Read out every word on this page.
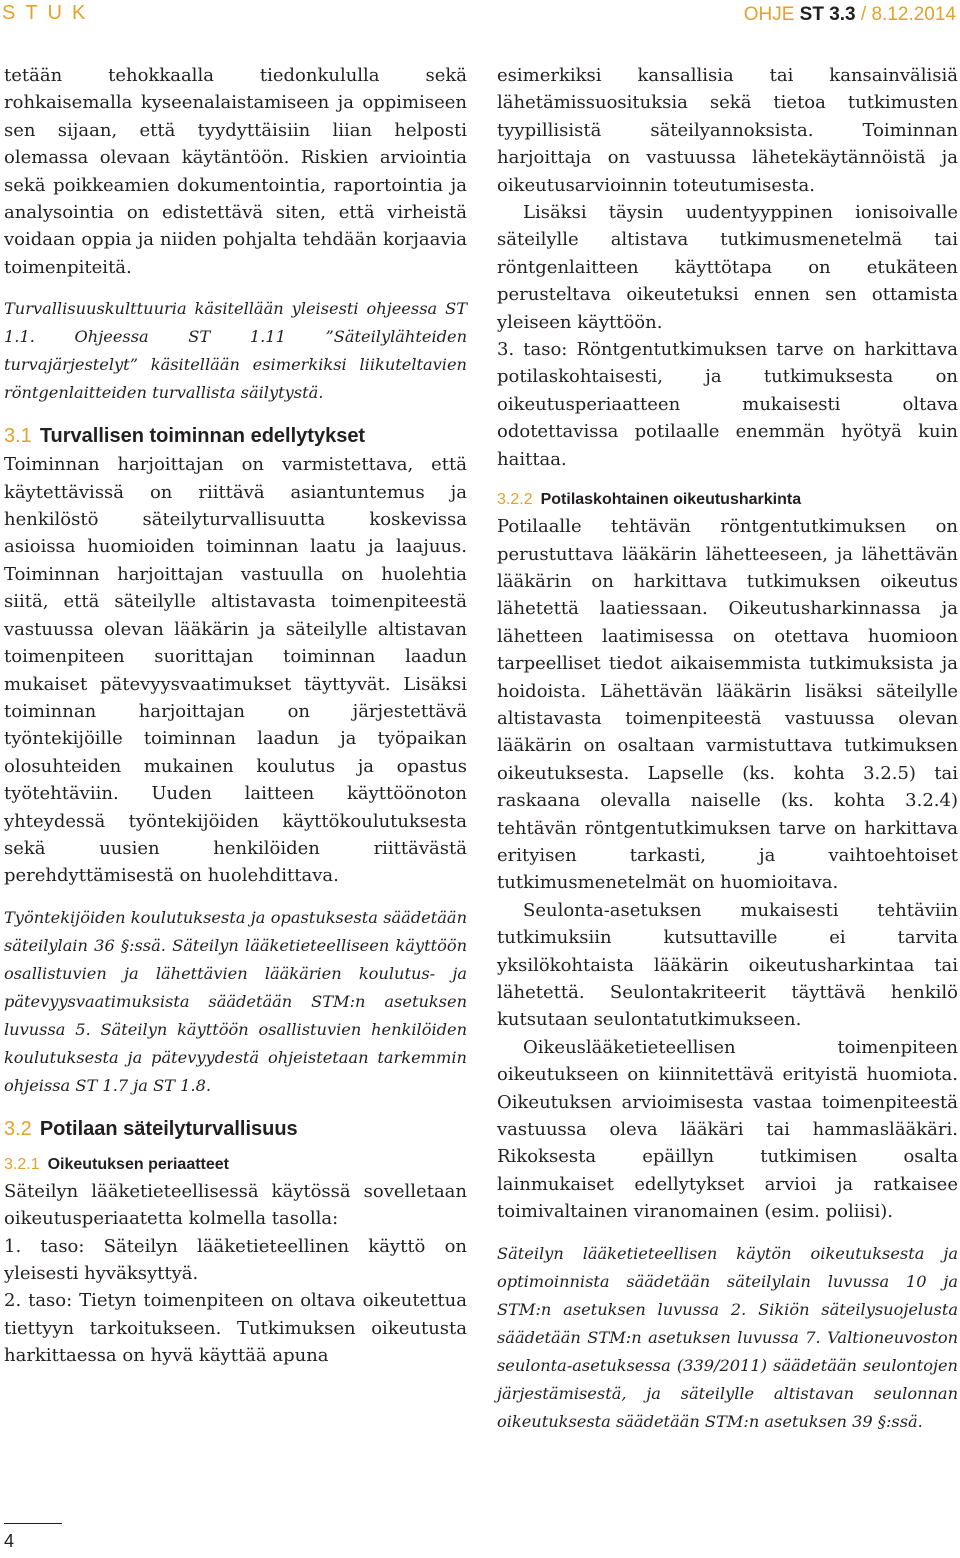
STUK	OHJE ST 3.3 / 8.12.2014

tetään tehokkaalla tiedonkululla sekä rohkaisemalla kyseenalaistamiseen ja oppimiseen sen sijaan, että tyydyttäisiin liian helposti olemassa olevaan käytäntöön. Riskien arviointia sekä poikkeamien dokumentointia, raportointia ja analysointia on edistettävä siten, että virheistä voidaan oppia ja niiden pohjalta tehdään korjaavia toimenpiteitä.

Turvallisuuskulttuuria käsitellään yleisesti ohjeessa ST 1.1. Ohjeessa ST 1.11 ”Säteilylähteiden turvajärjestelyt” käsitellään esimerkiksi liikuteltavien röntgenlaitteiden turvallista säilytystä.

3.1 Turvallisen toiminnan edellytykset

Toiminnan harjoittajan on varmistettava, että käytettävissä on riittävä asiantuntemus ja henkilöstö säteilyturvallisuutta koskevissa asioissa huomioiden toiminnan laatu ja laajuus. Toiminnan harjoittajan vastuulla on huolehtia siitä, että säteilylle altistavasta toimenpiteestä vastuussa olevan lääkärin ja säteilylle altistavan toimenpiteen suorittajan toiminnan laadun mukaiset pätevyysvaatimukset täyttyvät. Lisäksi toiminnan harjoittajan on järjestettävä työntekijöille toiminnan laadun ja työpaikan olosuhteiden mukainen koulutus ja opastus työtehtäviin. Uuden laitteen käyttöönoton yhteydessä työntekijöiden käyttökoulutuksesta sekä uusien henkilöiden riittävästä perehdyttämisestä on huolehdittava.

Työntekijöiden koulutuksesta ja opastuksesta säädetään säteilylain 36 §:ssä. Säteilyn lääketieteelliseen käyttöön osallistuvien ja lähettävien lääkärien koulutus- ja pätevyysvaatimuksista säädetään STM:n asetuksen luvussa 5. Säteilyn käyttöön osallistuvien henkilöiden koulutuksesta ja pätevyydestä ohjeistetaan tarkemmin ohjeissa ST 1.7 ja ST 1.8.

3.2 Potilaan säteilyturvallisuus
3.2.1 Oikeutuksen periaatteet

Säteilyn lääketieteellisessä käytössä sovelletaan oikeutusperiaatetta kolmella tasolla:

1. taso: Säteilyn lääketieteellinen käyttö on yleisesti hyväksyttyä.

2. taso: Tietyn toimenpiteen on oltava oikeutettua tiettyyn tarkoitukseen. Tutkimuksen oikeutusta harkittaessa on hyvä käyttää apuna

esimerkiksi kansallisia tai kansainvälisiä lähetämissuosituksia sekä tietoa tutkimusten tyypillisistä säteilyannoksista. Toiminnan harjoittaja on vastuussa lähetekäytännöistä ja oikeutusarvioinnin toteutumisesta.

Lisäksi täysin uudentyyppinen ionisoivalle säteilylle altistava tutkimusmenetelmä tai röntgenlaitteen käyttötapa on etukäteen perusteltava oikeutetuksi ennen sen ottamista yleiseen käyttöön.

3. taso: Röntgentutkimuksen tarve on harkittava potilaskohtaisesti, ja tutkimuksesta on oikeutusperiaatteen mukaisesti oltava odotettavissa potilaalle enemmän hyötyä kuin haittaa.

3.2.2 Potilaskohtainen oikeutusharkinta

Potilaalle tehtävän röntgentutkimuksen on perustuttava lääkärin lähetteeseen, ja lähettävän lääkärin on harkittava tutkimuksen oikeutus lähetettä laatiessaan. Oikeutusharkinnassa ja lähetteen laatimisessa on otettava huomioon tarpeelliset tiedot aikaisemmista tutkimuksista ja hoidoista. Lähettävän lääkärin lisäksi säteilylle altistavasta toimenpiteestä vastuussa olevan lääkärin on osaltaan varmistuttava tutkimuksen oikeutuksesta. Lapselle (ks. kohta 3.2.5) tai raskaana olevalla naiselle (ks. kohta 3.2.4) tehtävän röntgentutkimuksen tarve on harkittava erityisen tarkasti, ja vaihtoehtoiset tutkimusmenetelmät on huomioitava.

Seulonta-asetuksen mukaisesti tehtäviin tutkimuksiin kutsuttaville ei tarvita yksilökohtaista lääkärin oikeutusharkintaa tai lähetettä. Seulontakriteerit täyttävä henkilö kutsutaan seulontatutkimukseen.

Oikeuslääketieteellisen toimenpiteen oikeutukseen on kiinnitettävä erityistä huomiota. Oikeutuksen arvioimisesta vastaa toimenpiteestä vastuussa oleva lääkäri tai hammaslääkäri. Rikoksesta epäillyn tutkimisen osalta lainmukaiset edellytykset arvioi ja ratkaisee toimivaltainen viranomainen (esim. poliisi).

Säteilyn lääketieteellisen käytön oikeutuksesta ja optimoinnista säädetään säteilylain luvussa 10 ja STM:n asetuksen luvussa 2. Sikiön säteilysuojelusta säädetään STM:n asetuksen luvussa 7. Valtioneuvoston seulonta-asetuksessa (339/2011) säädetään seulontojen järjestämisestä, ja säteilylle altistavan seulonnan oikeutuksesta säädetään STM:n asetuksen 39 §:ssä.

4
